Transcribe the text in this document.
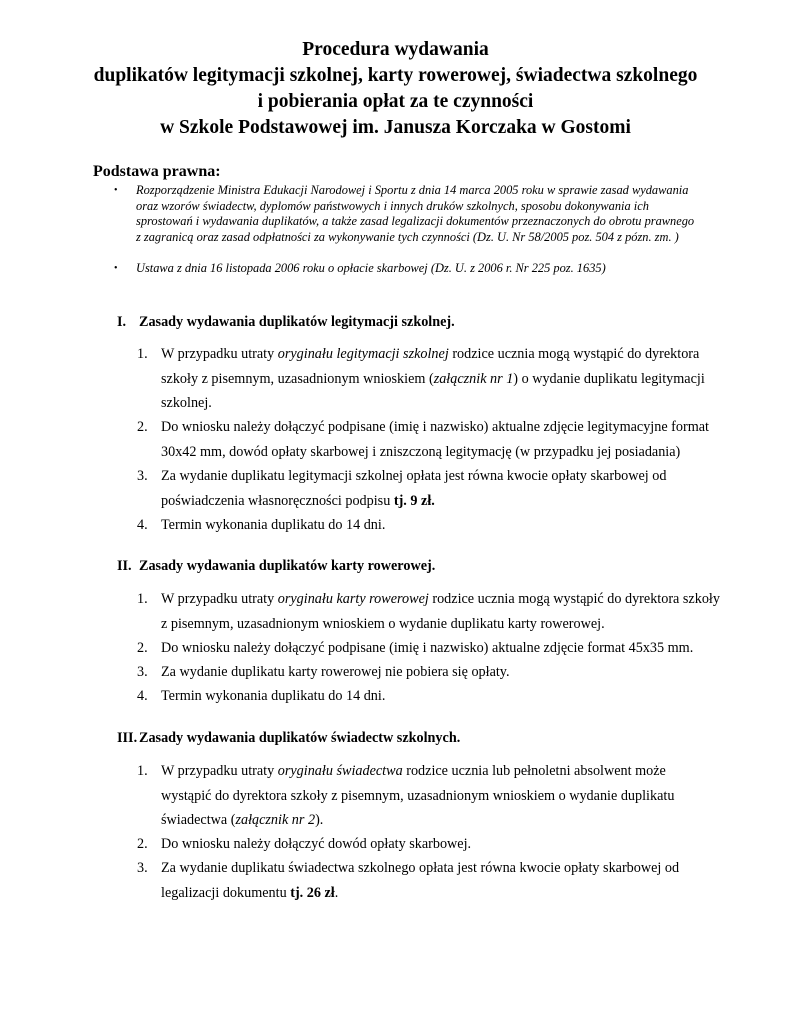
Procedura wydawania
duplikatów legitymacji szkolnej, karty rowerowej, świadectwa szkolnego
i pobierania opłat za te czynności
w Szkole Podstawowej im. Janusza Korczaka w Gostomi
Podstawa prawna:
• Rozporządzenie Ministra Edukacji Narodowej i Sportu z dnia 14 marca 2005 roku w sprawie zasad wydawania
oraz wzorów świadectw, dyplomów państwowych i innych druków szkolnych, sposobu dokonywania ich
sprostowań i wydawania duplikatów, a także zasad legalizacji dokumentów przeznaczonych do obrotu prawnego
z zagranicą oraz zasad odpłatności za wykonywanie tych czynności (Dz. U. Nr 58/2005 poz. 504 z pózn. zm. )
• Ustawa z dnia 16 listopada 2006 roku o opłacie skarbowej (Dz. U. z 2006 r. Nr 225 poz. 1635)
I. Zasady wydawania duplikatów legitymacji szkolnej.
1. W przypadku utraty oryginału legitymacji szkolnej rodzice ucznia mogą wystąpić do dyrektora
szkoły z pisemnym, uzasadnionym wnioskiem (załącznik nr 1) o wydanie duplikatu legitymacji
szkolnej.
2. Do wniosku należy dołączyć podpisane (imię i nazwisko) aktualne zdjęcie legitymacyjne format
30x42 mm, dowód opłaty skarbowej i zniszczoną legitymację (w przypadku jej posiadania)
3. Za wydanie duplikatu legitymacji szkolnej opłata jest równa kwocie opłaty skarbowej od
poświadczenia własnoręczności podpisu tj. 9 zł.
4. Termin wykonania duplikatu do 14 dni.
II. Zasady wydawania duplikatów karty rowerowej.
1. W przypadku utraty oryginału karty rowerowej rodzice ucznia mogą wystąpić do dyrektora szkoły
z pisemnym, uzasadnionym wnioskiem o wydanie duplikatu karty rowerowej.
2. Do wniosku należy dołączyć podpisane (imię i nazwisko) aktualne zdjęcie format 45x35 mm.
3. Za wydanie duplikatu karty rowerowej nie pobiera się opłaty.
4. Termin wykonania duplikatu do 14 dni.
III. Zasady wydawania duplikatów świadectw szkolnych.
1. W przypadku utraty oryginału świadectwa rodzice ucznia lub pełnoletni absolwent może
wystąpić do dyrektora szkoły z pisemnym, uzasadnionym wnioskiem o wydanie duplikatu
świadectwa (załącznik nr 2).
2. Do wniosku należy dołączyć dowód opłaty skarbowej.
3. Za wydanie duplikatu świadectwa szkolnego opłata jest równa kwocie opłaty skarbowej od
legalizacji dokumentu tj. 26 zł.
